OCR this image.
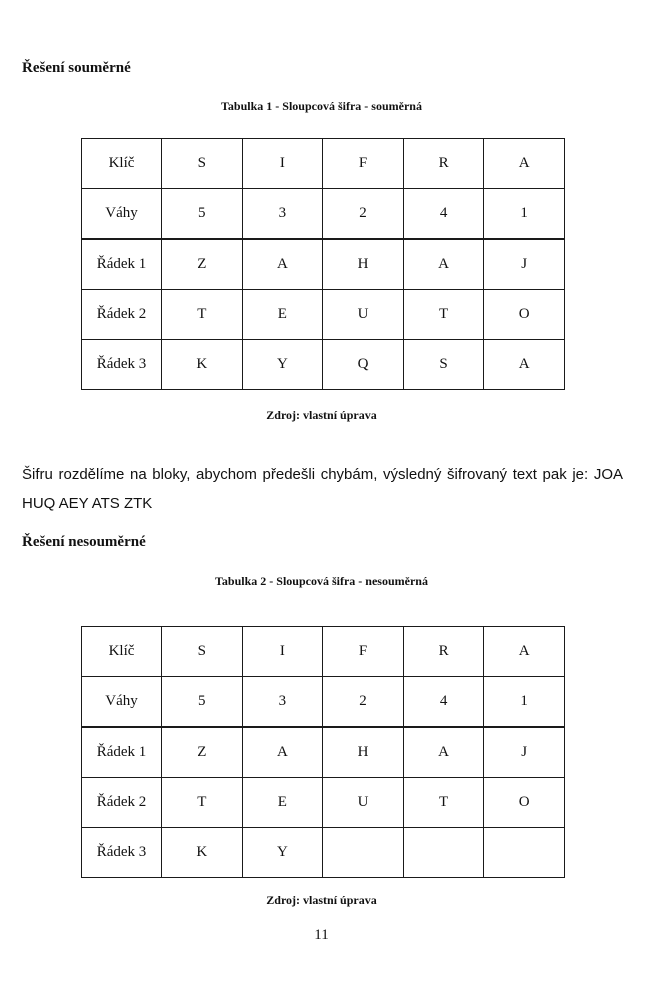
Řešení souměrné
Tabulka 1 - Sloupcová šifra - souměrná
Klíč	S	I	F	R	A
Váhy	5	3	2	4	1
Řádek 1	Z	A	H	A	J
Řádek 2	T	E	U	T	O
Řádek 3	K	Y	Q	S	A
Zdroj: vlastní úprava
Šifru rozdělíme na bloky, abychom předešli chybám, výsledný šifrovaný text pak je: JOA
HUQ AEY ATS ZTK
Řešení nesouměrné
Tabulka 2 - Sloupcová šifra - nesouměrná
Klíč	S	I	F	R	A
Váhy	5	3	2	4	1
Řádek 1	Z	A	H	A	J
Řádek 2	T	E	U	T	O
Řádek 3	K	Y			
Zdroj: vlastní úprava
11
